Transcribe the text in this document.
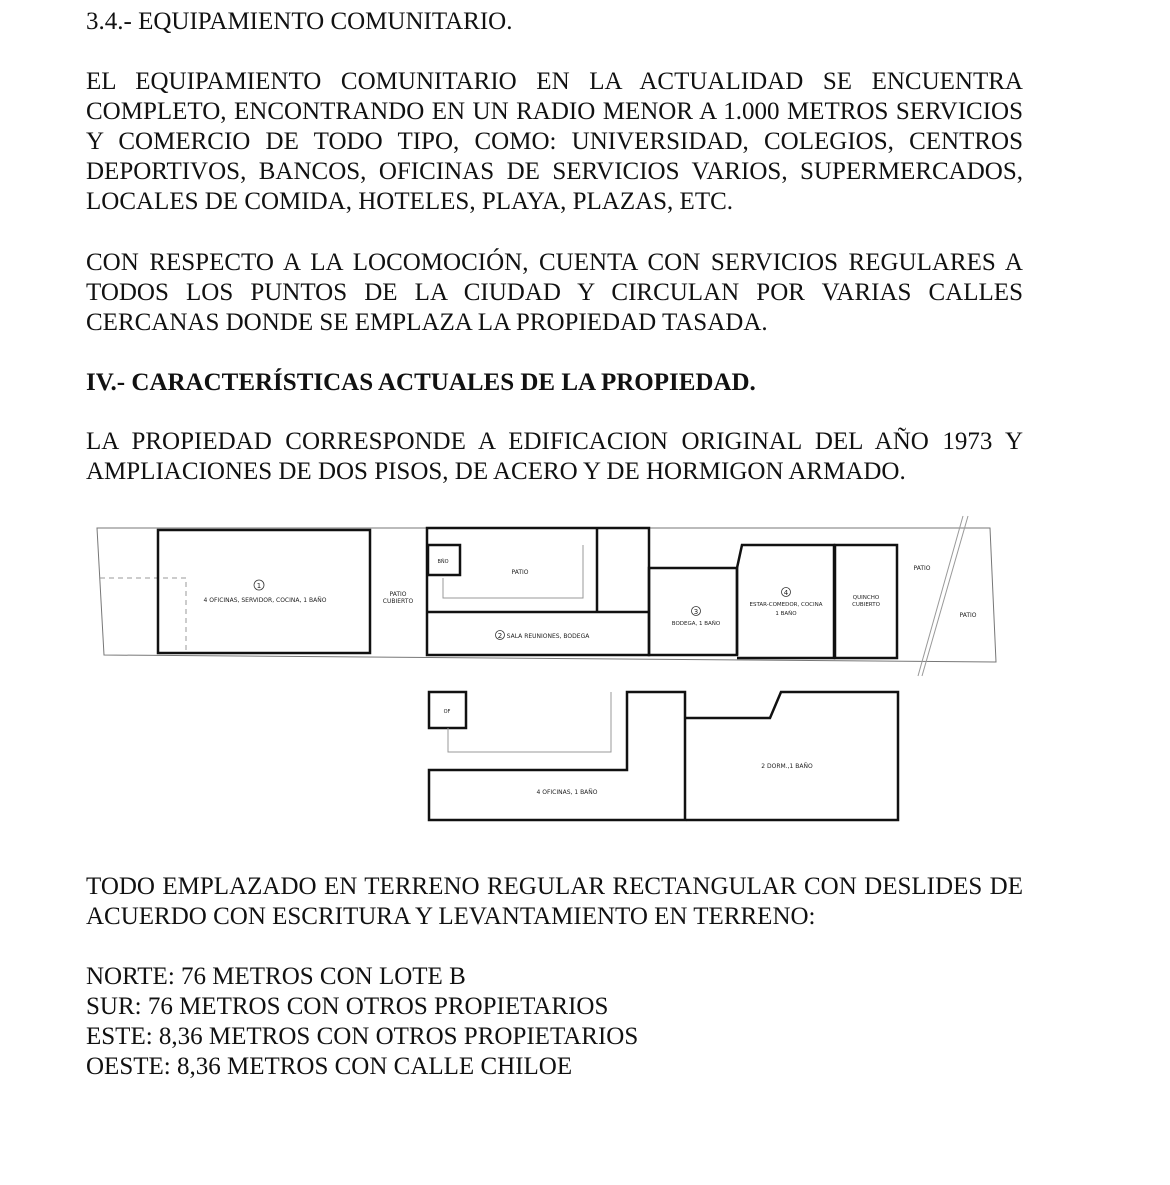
3.4.- EQUIPAMIENTO COMUNITARIO.
EL EQUIPAMIENTO COMUNITARIO EN LA ACTUALIDAD SE ENCUENTRA COMPLETO, ENCONTRANDO EN UN RADIO MENOR A 1.000 METROS SERVICIOS Y COMERCIO DE TODO TIPO, COMO: UNIVERSIDAD, COLEGIOS, CENTROS DEPORTIVOS, BANCOS, OFICINAS DE SERVICIOS VARIOS, SUPERMERCADOS, LOCALES DE COMIDA, HOTELES, PLAYA, PLAZAS, ETC.
CON RESPECTO A LA LOCOMOCIÓN, CUENTA CON SERVICIOS REGULARES A TODOS LOS PUNTOS DE LA CIUDAD Y CIRCULAN POR VARIAS CALLES CERCANAS DONDE SE EMPLAZA LA PROPIEDAD TASADA.
IV.- CARACTERÍSTICAS ACTUALES DE LA PROPIEDAD.
LA PROPIEDAD CORRESPONDE A EDIFICACION ORIGINAL DEL AÑO 1973 Y AMPLIACIONES DE DOS PISOS, DE ACERO Y DE HORMIGON ARMADO.
1
4 OFICINAS, SERVIDOR, COCINA, 1 BAÑO
PATIO
CUBIERTO
BÑO
PATIO
2 SALA REUNIONES, BODEGA
3
BODEGA, 1 BAÑO
4
ESTAR-COMEDOR, COCINA
1 BAÑO
QUINCHO
CUBIERTO
PATIO
PATIO
OF
4 OFICINAS, 1 BAÑO
2 DORM.,1 BAÑO
TODO EMPLAZADO EN TERRENO REGULAR RECTANGULAR CON DESLIDES DE ACUERDO CON ESCRITURA Y LEVANTAMIENTO EN TERRENO:
NORTE: 76 METROS CON LOTE B
SUR: 76 METROS CON OTROS PROPIETARIOS
ESTE: 8,36 METROS CON OTROS PROPIETARIOS
OESTE: 8,36 METROS CON CALLE CHILOE
